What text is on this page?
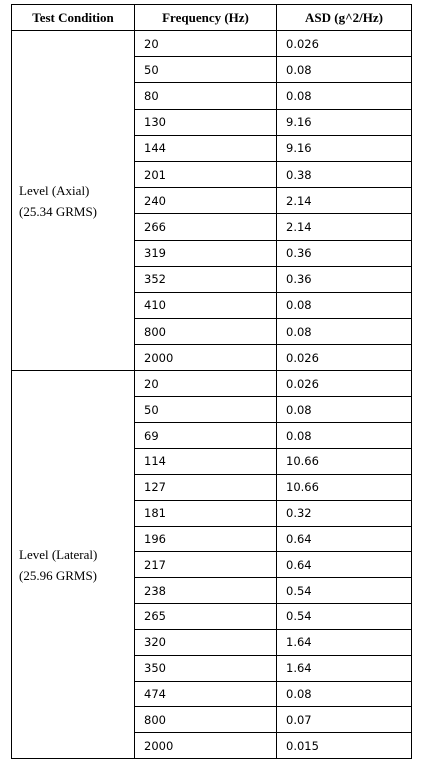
Test Condition	Frequency (Hz)	ASD (g^2/Hz)

Level (Axial)
(25.34 GRMS)	20	0.026
	50	0.08
	80	0.08
	130	9.16
	144	9.16
	201	0.38
	240	2.14
	266	2.14
	319	0.36
	352	0.36
	410	0.08
	800	0.08
	2000	0.026

Level (Lateral)
(25.96 GRMS)	20	0.026
	50	0.08
	69	0.08
	114	10.66
	127	10.66
	181	0.32
	196	0.64
	217	0.64
	238	0.54
	265	0.54
	320	1.64
	350	1.64
	474	0.08
	800	0.07
	2000	0.015
